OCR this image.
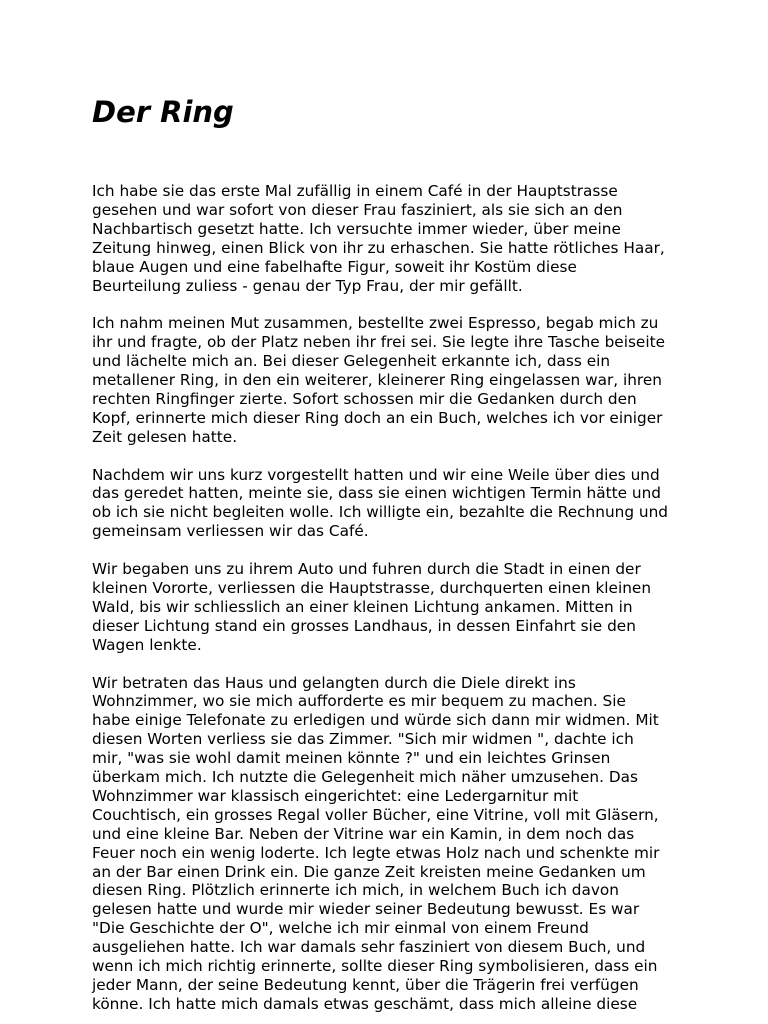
Der Ring

Ich habe sie das erste Mal zufällig in einem Café in der Hauptstrasse
gesehen und war sofort von dieser Frau fasziniert, als sie sich an den
Nachbartisch gesetzt hatte. Ich versuchte immer wieder, über meine
Zeitung hinweg, einen Blick von ihr zu erhaschen. Sie hatte rötliches Haar,
blaue Augen und eine fabelhafte Figur, soweit ihr Kostüm diese
Beurteilung zuliess - genau der Typ Frau, der mir gefällt.

Ich nahm meinen Mut zusammen, bestellte zwei Espresso, begab mich zu
ihr und fragte, ob der Platz neben ihr frei sei. Sie legte ihre Tasche beiseite
und lächelte mich an. Bei dieser Gelegenheit erkannte ich, dass ein
metallener Ring, in den ein weiterer, kleinerer Ring eingelassen war, ihren
rechten Ringfinger zierte. Sofort schossen mir die Gedanken durch den
Kopf, erinnerte mich dieser Ring doch an ein Buch, welches ich vor einiger
Zeit gelesen hatte.

Nachdem wir uns kurz vorgestellt hatten und wir eine Weile über dies und
das geredet hatten, meinte sie, dass sie einen wichtigen Termin hätte und
ob ich sie nicht begleiten wolle. Ich willigte ein, bezahlte die Rechnung und
gemeinsam verliessen wir das Café.

Wir begaben uns zu ihrem Auto und fuhren durch die Stadt in einen der
kleinen Vororte, verliessen die Hauptstrasse, durchquerten einen kleinen
Wald, bis wir schliesslich an einer kleinen Lichtung ankamen. Mitten in
dieser Lichtung stand ein grosses Landhaus, in dessen Einfahrt sie den
Wagen lenkte.

Wir betraten das Haus und gelangten durch die Diele direkt ins
Wohnzimmer, wo sie mich aufforderte es mir bequem zu machen. Sie
habe einige Telefonate zu erledigen und würde sich dann mir widmen. Mit
diesen Worten verliess sie das Zimmer. "Sich mir widmen ", dachte ich
mir, "was sie wohl damit meinen könnte ?" und ein leichtes Grinsen
überkam mich. Ich nutzte die Gelegenheit mich näher umzusehen. Das
Wohnzimmer war klassisch eingerichtet: eine Ledergarnitur mit
Couchtisch, ein grosses Regal voller Bücher, eine Vitrine, voll mit Gläsern,
und eine kleine Bar. Neben der Vitrine war ein Kamin, in dem noch das
Feuer noch ein wenig loderte. Ich legte etwas Holz nach und schenkte mir
an der Bar einen Drink ein. Die ganze Zeit kreisten meine Gedanken um
diesen Ring. Plötzlich erinnerte ich mich, in welchem Buch ich davon
gelesen hatte und wurde mir wieder seiner Bedeutung bewusst. Es war
"Die Geschichte der O", welche ich mir einmal von einem Freund
ausgeliehen hatte. Ich war damals sehr fasziniert von diesem Buch, und
wenn ich mich richtig erinnerte, sollte dieser Ring symbolisieren, dass ein
jeder Mann, der seine Bedeutung kennt, über die Trägerin frei verfügen
könne. Ich hatte mich damals etwas geschämt, dass mich alleine diese
